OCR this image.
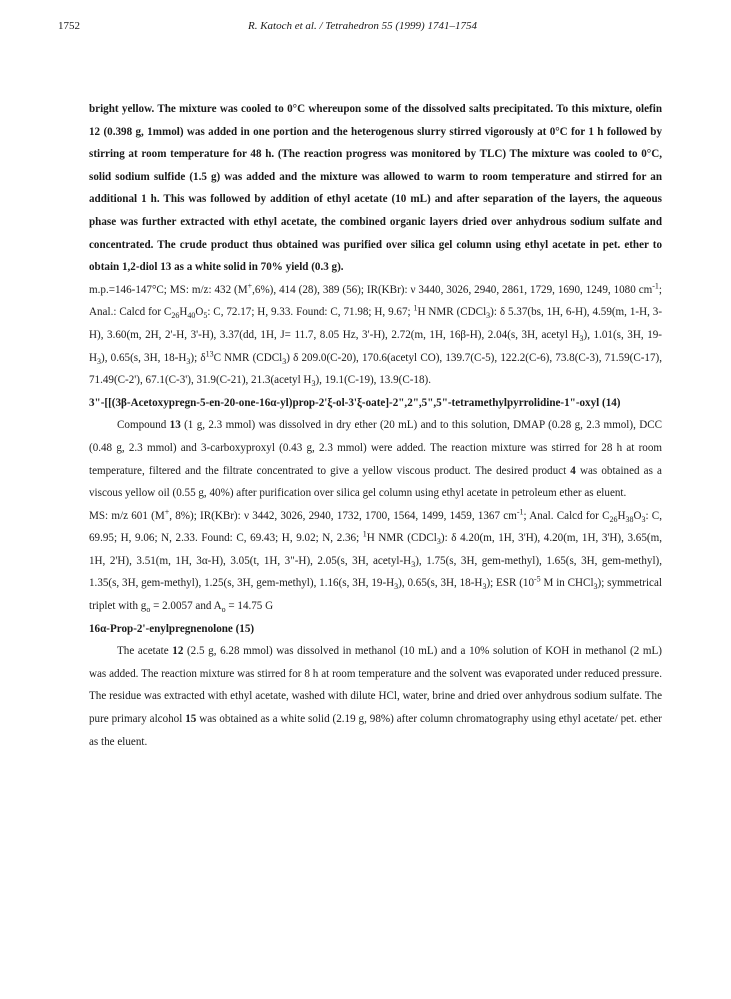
1752	R. Katoch et al. / Tetrahedron 55 (1999) 1741–1754

bright yellow. The mixture was cooled to 0°C whereupon some of the dissolved salts precipitated. To this mixture, olefin 12 (0.398 g, 1mmol) was added in one portion and the heterogenous slurry stirred vigorously at 0°C for 1 h followed by stirring at room temperature for 48 h. (The reaction progress was monitored by TLC) The mixture was cooled to 0°C, solid sodium sulfide (1.5 g) was added and the mixture was allowed to warm to room temperature and stirred for an additional 1 h. This was followed by addition of ethyl acetate (10 mL) and after separation of the layers, the aqueous phase was further extracted with ethyl acetate, the combined organic layers dried over anhydrous sodium sulfate and concentrated. The crude product thus obtained was purified over silica gel column using ethyl acetate in pet. ether to obtain 1,2-diol 13 as a white solid in 70% yield (0.3 g).

m.p.=146-147°C; MS: m/z: 432 (M+,6%), 414 (28), 389 (56); IR(KBr): ν 3440, 3026, 2940, 2861, 1729, 1690, 1249, 1080 $cm^{-1}$; Anal.: Calcd for $C_{26}H_{40}O_5$: C, 72.17; H, 9.33. Found: C, 71.98; H, 9.67; $^1$H NMR (CDCl$_3$): δ 5.37(bs, 1H, 6-H), 4.59(m, 1-H, 3-H), 3.60(m, 2H, 2'-H, 3'-H), 3.37(dd, 1H, J= 11.7, 8.05 Hz, 3'-H), 2.72(m, 1H, 16β-H), 2.04(s, 3H, acetyl $H_3$), 1.01(s, 3H, $19-H_3$), 0.65(s, 3H, $18-H_3$); $\delta^{13}C$ NMR (CDCl$_3$) δ 209.0(C-20), 170.6(acetyl CO), 139.7(C-5), 122.2(C-6), 73.8(C-3), 71.59(C-17), 71.49(C-2'), 67.1(C-3'), 31.9(C-21), 21.3(acetyl $H_3$), 19.1(C-19), 13.9(C-18).

3"-[[(3β-Acetoxypregn-5-en-20-one-16α-yl)prop-2'ξ-ol-3'ξ-oate]-2",2",5",5"-tetramethylpyrrolidine-1"-oxyl (14)

Compound 13 (1 g, 2.3 mmol) was dissolved in dry ether (20 mL) and to this solution, DMAP (0.28 g, 2.3 mmol), DCC (0.48 g, 2.3 mmol) and 3-carboxyproxyl (0.43 g, 2.3 mmol) were added. The reaction mixture was stirred for 28 h at room temperature, filtered and the filtrate concentrated to give a yellow viscous product. The desired product 4 was obtained as a viscous yellow oil (0.55 g, 40%) after purification over silica gel column using ethyl acetate in petroleum ether as eluent.

MS: m/z 601 (M+, 8%); IR(KBr): ν 3442, 3026, 2940, 1732, 1700, 1564, 1499, 1459, 1367 $cm^{-1}$; Anal. Calcd for $C_{26}H_{38}O_3$: C, 69.95; H, 9.06; N, 2.33. Found: C, 69.43; H, 9.02; N, 2.36; $^1$H NMR (CDCl$_3$): δ 4.20(m, 1H, 3'H), 4.20(m, 1H, 3'H), 3.65(m, 1H, 2'H), 3.51(m, 1H, 3α-H), 3.05(t, 1H, 3"-H), 2.05(s, 3H, acetyl-$H_3$), 1.75(s, 3H, gem-methyl), 1.65(s, 3H, gem-methyl), 1.35(s, 3H, gem-methyl), 1.25(s, 3H, gem-methyl), 1.16(s, 3H, $19-H_3$), 0.65(s, 3H, $18-H_3$); ESR ($10^{-5}$ M in CHCl$_3$); symmetrical triplet with $g_o = 2.0057$ and $A_o = 14.75$ G

16α-Prop-2'-enylpregnenolone (15)

The acetate 12 (2.5 g, 6.28 mmol) was dissolved in methanol (10 mL) and a 10% solution of KOH in methanol (2 mL) was added. The reaction mixture was stirred for 8 h at room temperature and the solvent was evaporated under reduced pressure. The residue was extracted with ethyl acetate, washed with dilute HCl, water, brine and dried over anhydrous sodium sulfate. The pure primary alcohol 15 was obtained as a white solid (2.19 g, 98%) after column chromatography using ethyl acetate/ pet. ether as the eluent.
